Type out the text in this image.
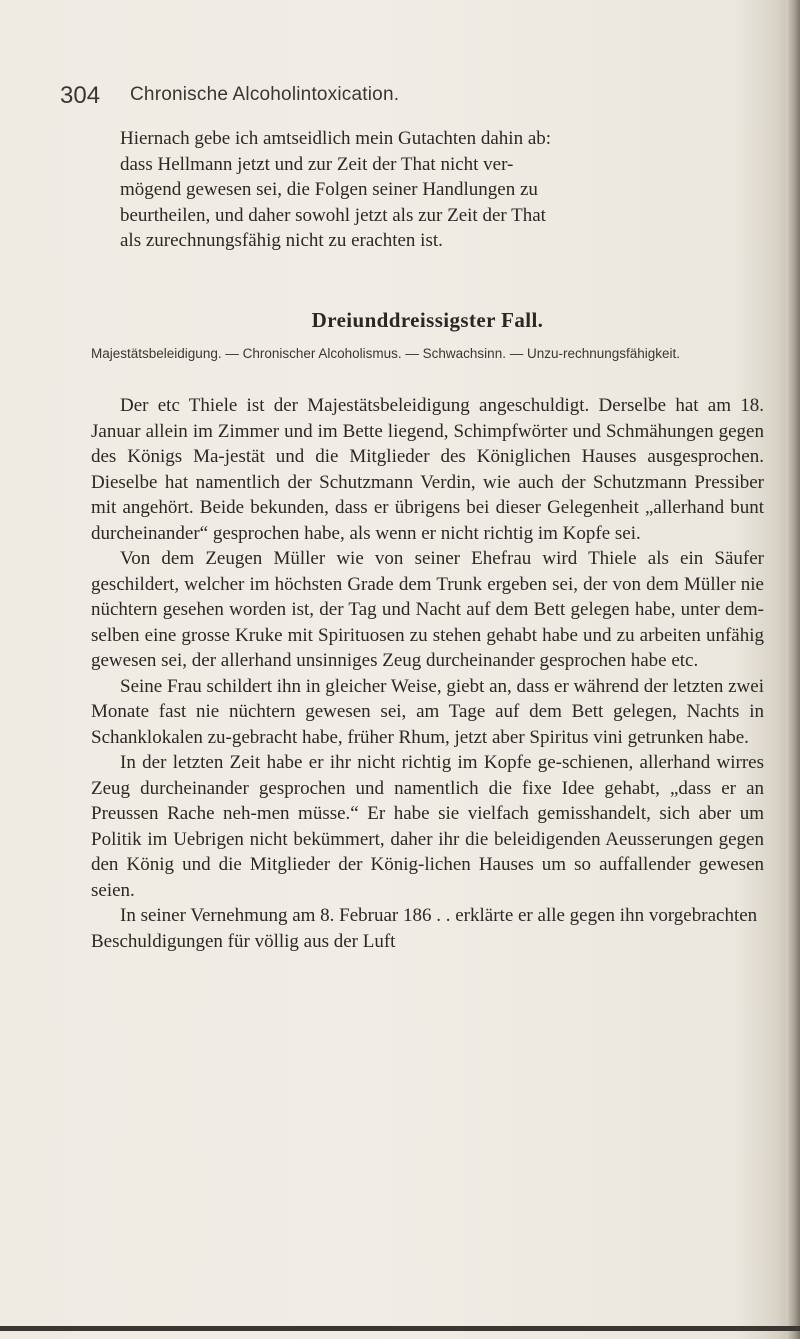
304 Chronische Alcoholintoxication.

Hiernach gebe ich amtseidlich mein Gutachten dahin ab:

dass Hellmann jetzt und zur Zeit der That nicht ver-

mögend gewesen sei, die Folgen seiner Handlungen zu

beurtheilen, und daher sowohl jetzt als zur Zeit der That

als zurechnungsfähig nicht zu erachten ist.

Dreiunddreissigster Fall.
Majestätsbeleidigung. — Chronischer Alcoholismus. — Schwachsinn. — Unzu-rechnungsfähigkeit.

Der etc Thiele ist der Majestätsbeleidigung angeschuldigt. Derselbe hat am 18. Januar allein im Zimmer und im Bette liegend, Schimpfwörter und Schmähungen gegen des Königs Ma-jestät und die Mitglieder des Königlichen Hauses ausgesprochen. Dieselbe hat namentlich der Schutzmann Verdin, wie auch der Schutzmann Pressiber mit angehört. Beide bekunden, dass er übrigens bei dieser Gelegenheit „allerhand bunt durcheinander“ gesprochen habe, als wenn er nicht richtig im Kopfe sei.

Von dem Zeugen Müller wie von seiner Ehefrau wird Thiele als ein Säufer geschildert, welcher im höchsten Grade dem Trunk ergeben sei, der von dem Müller nie nüchtern gesehen worden ist, der Tag und Nacht auf dem Bett gelegen habe, unter dem-selben eine grosse Kruke mit Spirituosen zu stehen gehabt habe und zu arbeiten unfähig gewesen sei, der allerhand unsinniges Zeug durcheinander gesprochen habe etc.

Seine Frau schildert ihn in gleicher Weise, giebt an, dass er während der letzten zwei Monate fast nie nüchtern gewesen sei, am Tage auf dem Bett gelegen, Nachts in Schanklokalen zu-gebracht habe, früher Rhum, jetzt aber Spiritus vini getrunken habe.

In der letzten Zeit habe er ihr nicht richtig im Kopfe ge-schienen, allerhand wirres Zeug durcheinander gesprochen und namentlich die fixe Idee gehabt, „dass er an Preussen Rache neh-men müsse.“ Er habe sie vielfach gemisshandelt, sich aber um Politik im Uebrigen nicht bekümmert, daher ihr die beleidigenden Aeusserungen gegen den König und die Mitglieder der König-lichen Hauses um so auffallender gewesen seien.

In seiner Vernehmung am 8. Februar 186 . . erklärte er alle gegen ihn vorgebrachten Beschuldigungen für völlig aus der Luft
